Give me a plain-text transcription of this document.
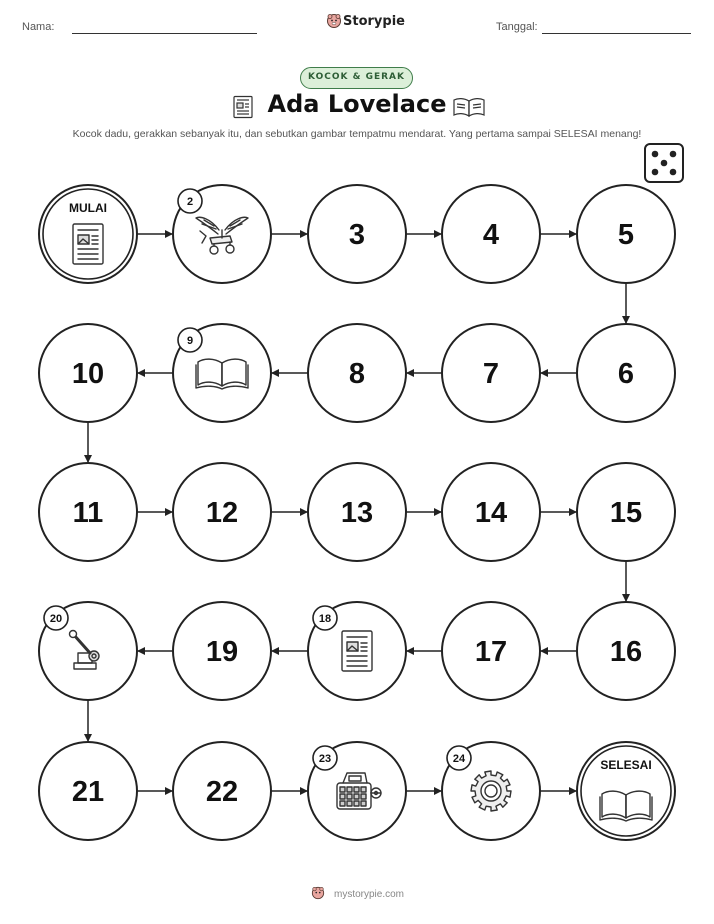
Nama:	Storypie	Tanggal:
KOCOK & GERAK
Ada Lovelace
Kocok dadu, gerakkan sebanyak itu, dan sebutkan gambar tempatmu mendarat. Yang pertama sampai SELESAI menang!
MULAI	2
3	4	5
6
7
8
9
10
11	12	13	14	15
16
17
18
19
20
21	22
23	24	SELESAI
mystorypie.com
